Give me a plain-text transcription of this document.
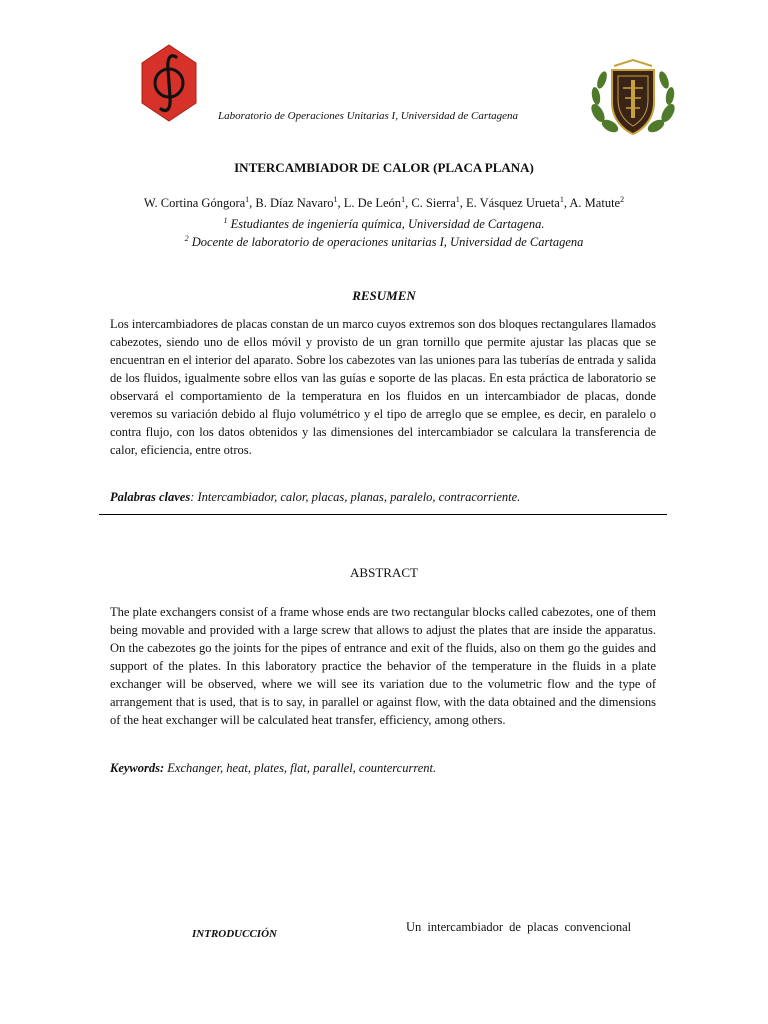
Laboratorio de Operaciones Unitarias I, Universidad de Cartagena
INTERCAMBIADOR DE CALOR (PLACA PLANA)
W. Cortina Góngora$^1$, B. Díaz Navaro$^1$, L. De León$^1$, C. Sierra$^1$, E. Vásquez Urueta$^1$, A. Matute$^2$
$^1$ Estudiantes de ingeniería química, Universidad de Cartagena.
$^2$ Docente de laboratorio de operaciones unitarias I, Universidad de Cartagena
RESUMEN

Los intercambiadores de placas constan de un marco cuyos extremos son dos bloques rectangulares llamados cabezotes, siendo uno de ellos móvil y provisto de un gran tornillo que permite ajustar las placas que se encuentran en el interior del aparato. Sobre los cabezotes van las uniones para las tuberías de entrada y salida de los fluidos, igualmente sobre ellos van las guías e soporte de las placas. En esta práctica de laboratorio se observará el comportamiento de la temperatura en los fluidos en un intercambiador de placas, donde veremos su variación debido al flujo volumétrico y el tipo de arreglo que se emplee, es decir, en paralelo o contra flujo, con los datos obtenidos y las dimensiones del intercambiador se calculara la transferencia de calor, eficiencia, entre otros.

Palabras claves: Intercambiador, calor, placas, planas, paralelo, contracorriente.

ABSTRACT

The plate exchangers consist of a frame whose ends are two rectangular blocks called cabezotes, one of them being movable and provided with a large screw that allows to adjust the plates that are inside the apparatus. On the cabezotes go the joints for the pipes of entrance and exit of the fluids, also on them go the guides and support of the plates. In this laboratory practice the behavior of the temperature in the fluids in a plate exchanger will be observed, where we will see its variation due to the volumetric flow and the type of arrangement that is used, that is to say, in parallel or against flow, with the data obtained and the dimensions of the heat exchanger will be calculated heat transfer, efficiency, among others.

Keywords: Exchanger, heat, plates, flat, parallel, countercurrent.

INTRODUCCIÓN	Un intercambiador de placas convencional
